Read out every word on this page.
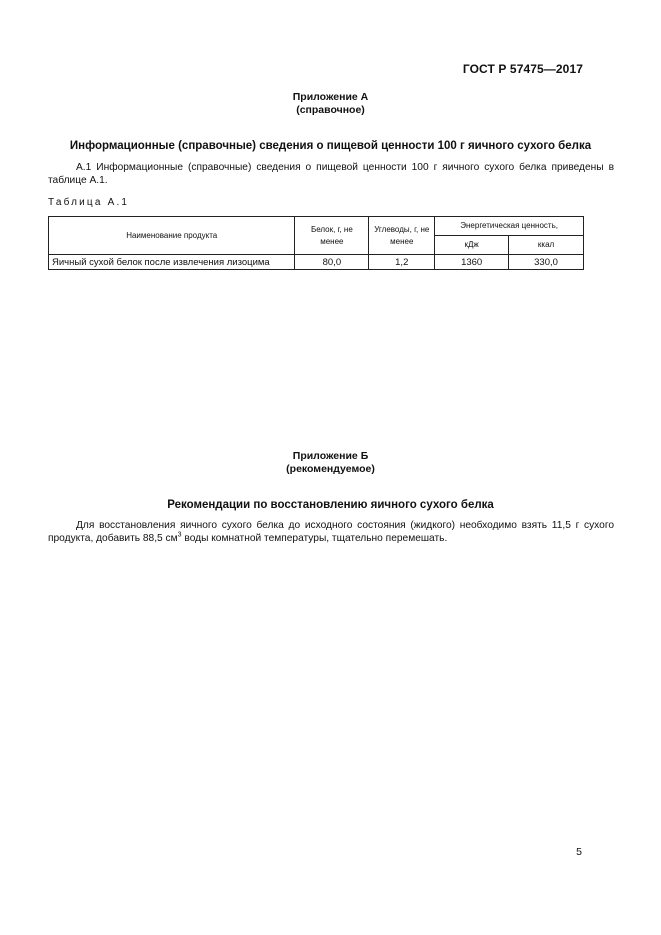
ГОСТ Р 57475—2017
Приложение А
(справочное)
Информационные (справочные) сведения о пищевой ценности 100 г яичного сухого белка
А.1 Информационные (справочные) сведения о пищевой ценности 100 г яичного сухого белка приведены в таблице А.1.
Таблица А.1
Наименование продукта	Белок, г, не менее	Углеводы, г, не менее	Энергетическая ценность,	
			кДж	ккал
Яичный сухой белок после извлечения лизоцима	80,0	1,2	1360	330,0
Приложение Б
(рекомендуемое)
Рекомендации по восстановлению яичного сухого белка
Для восстановления яичного сухого белка до исходного состояния (жидкого) необходимо взять 11,5 г сухого продукта, добавить 88,5 $см^3$ воды комнатной температуры, тщательно перемешать.
5
